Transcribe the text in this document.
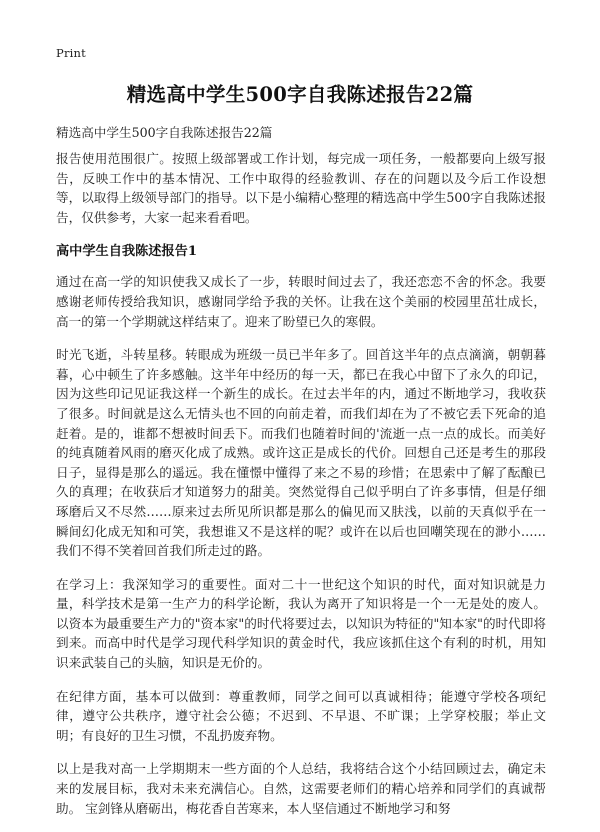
Print
精选高中学生500字自我陈述报告22篇
精选高中学生500字自我陈述报告22篇

报告使用范围很广。按照上级部署或工作计划，每完成一项任务，一般都要向上级写报告，反映工作中的基本情况、工作中取得的经验教训、存在的问题以及今后工作设想等，以取得上级领导部门的指导。以下是小编精心整理的精选高中学生500字自我陈述报告，仅供参考，大家一起来看看吧。

高中学生自我陈述报告1

通过在高一学的知识使我又成长了一步，转眼时间过去了，我还恋恋不舍的怀念。我要感谢老师传授给我知识，感谢同学给予我的关怀。让我在这个美丽的校园里茁壮成长，高一的第一个学期就这样结束了。迎来了盼望已久的寒假。

时光飞逝，斗转星移。转眼成为班级一员已半年多了。回首这半年的点点滴滴，朝朝暮暮，心中顿生了许多感触。这半年中经历的每一天，都已在我心中留下了永久的印记，因为这些印记见证我这样一个新生的成长。在过去半年的内，通过不断地学习，我收获了很多。时间就是这么无情头也不回的向前走着，而我们却在为了不被它丢下死命的追赶着。是的，谁都不想被时间丢下。而我们也随着时间的'流逝一点一点的成长。而美好的纯真随着风雨的磨灭化成了成熟。或许这正是成长的代价。回想自己还是考生的那段日子，显得是那么的遥远。我在懂憬中懂得了来之不易的珍惜；在思索中了解了酝酿已久的真理；在收获后才知道努力的甜美。突然觉得自己似乎明白了许多事情，但是仔细琢磨后又不尽然……原来过去所见所识都是那么的偏见而又肤浅，以前的天真似乎在一瞬间幻化成无知和可笑，我想谁又不是这样的呢？或许在以后也回嘲笑现在的渺小……我们不得不笑着回首我们所走过的路。

在学习上：我深知学习的重要性。面对二十一世纪这个知识的时代，面对知识就是力量，科学技术是第一生产力的科学论断，我认为离开了知识将是一个一无是处的废人。以资本为最重要生产力的"资本家"的时代将要过去，以知识为特征的"知本家"的时代即将到来。而高中时代是学习现代科学知识的黄金时代，我应该抓住这个有利的时机，用知识来武装自己的头脑，知识是无价的。

在纪律方面，基本可以做到：尊重教师，同学之间可以真诚相待；能遵守学校各项纪律，遵守公共秩序，遵守社会公德；不迟到、不早退、不旷课；上学穿校服；举止文明；有良好的卫生习惯，不乱扔废弃物。

以上是我对高一上学期期末一些方面的个人总结，我将结合这个小结回顾过去，确定未来的发展目标，我对未来充满信心。自然，这需要老师们的精心培养和同学们的真诚帮助。 宝剑锋从磨砺出，梅花香自苦寒来，本人坚信通过不断地学习和努
